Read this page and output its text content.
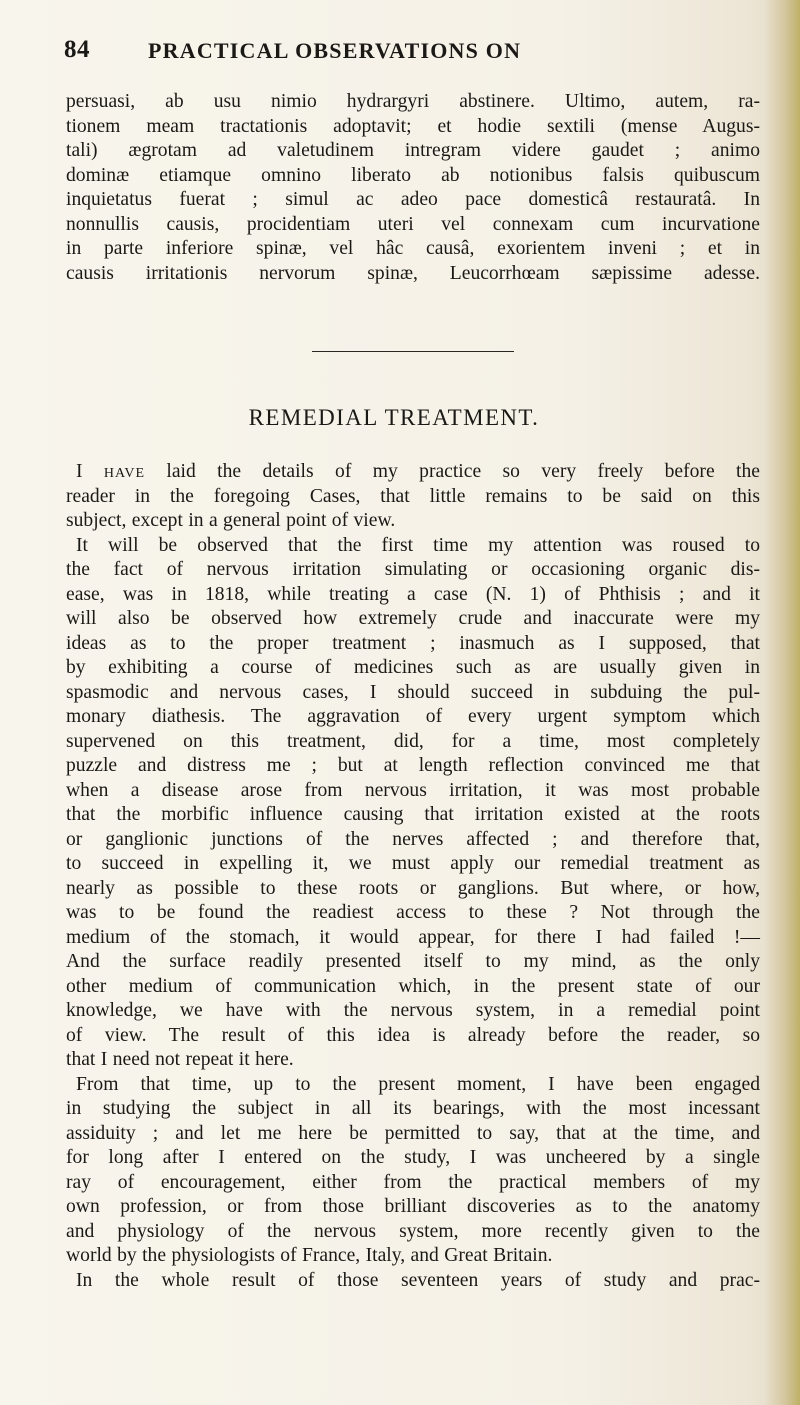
84	PRACTICAL OBSERVATIONS ON

persuasi, ab usu nimio hydrargyri abstinere. Ultimo, autem, ra-
tionem meam tractationis adoptavit; et hodie sextili (mense Augus-
tali) ægrotam ad valetudinem intregram videre gaudet ; animo
dominæ etiamque omnino liberato ab notionibus falsis quibuscum
inquietatus fuerat ; simul ac adeo pace domesticâ restauratâ. In
nonnullis causis, procidentiam uteri vel connexam cum incurvatione
in parte inferiore spinæ, vel hâc causâ, exorientem inveni ; et in
causis irritationis nervorum spinæ, Leucorrhœam sæpissime adesse.

REMEDIAL TREATMENT.

I have laid the details of my practice so very freely before the
reader in the foregoing Cases, that little remains to be said on this
subject, except in a general point of view.
It will be observed that the first time my attention was roused to
the fact of nervous irritation simulating or occasioning organic dis-
ease, was in 1818, while treating a case (N. 1) of Phthisis ; and it
will also be observed how extremely crude and inaccurate were my
ideas as to the proper treatment ; inasmuch as I supposed, that
by exhibiting a course of medicines such as are usually given in
spasmodic and nervous cases, I should succeed in subduing the pul-
monary diathesis. The aggravation of every urgent symptom which
supervened on this treatment, did, for a time, most completely
puzzle and distress me ; but at length reflection convinced me that
when a disease arose from nervous irritation, it was most probable
that the morbific influence causing that irritation existed at the roots
or ganglionic junctions of the nerves affected ; and therefore that,
to succeed in expelling it, we must apply our remedial treatment as
nearly as possible to these roots or ganglions. But where, or how,
was to be found the readiest access to these ? Not through the
medium of the stomach, it would appear, for there I had failed !—
And the surface readily presented itself to my mind, as the only
other medium of communication which, in the present state of our
knowledge, we have with the nervous system, in a remedial point
of view. The result of this idea is already before the reader, so
that I need not repeat it here.
From that time, up to the present moment, I have been engaged
in studying the subject in all its bearings, with the most incessant
assiduity ; and let me here be permitted to say, that at the time, and
for long after I entered on the study, I was uncheered by a single
ray of encouragement, either from the practical members of my
own profession, or from those brilliant discoveries as to the anatomy
and physiology of the nervous system, more recently given to the
world by the physiologists of France, Italy, and Great Britain.
In the whole result of those seventeen years of study and prac-
